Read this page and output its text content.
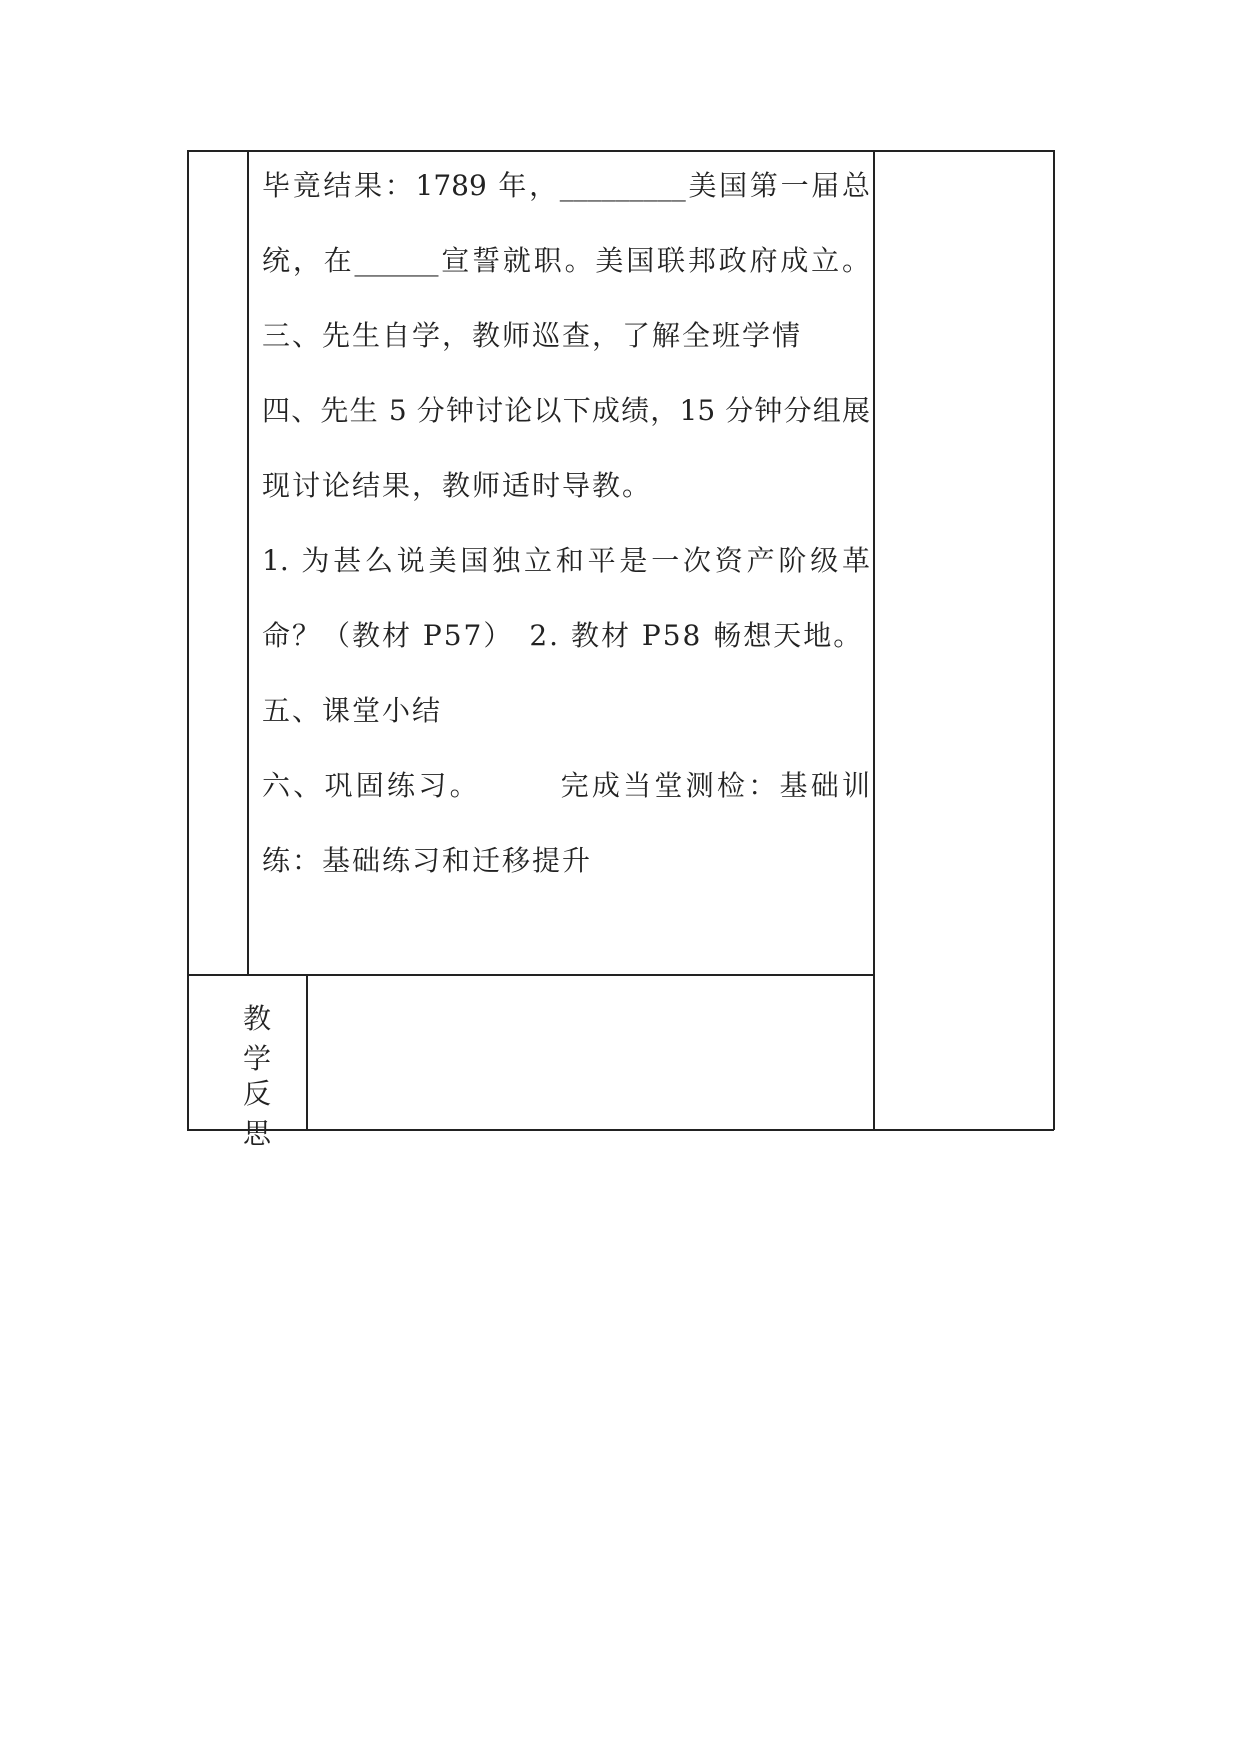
毕竟结果：1789 年，_________美国第一届总
统，在______宣誓就职。美国联邦政府成立。
三、先生自学，教师巡查，了解全班学情
四、先生 5 分钟讨论以下成绩，15 分钟分组展
现讨论结果，教师适时导教。
1. 为甚么说美国独立和平是一次资产阶级革
命？（教材 P57）　2. 教材 P58 畅想天地。
五、课堂小结
六、巩固练习。　　　完成当堂测检：基础训
练：基础练习和迁移提升
教学
反思
